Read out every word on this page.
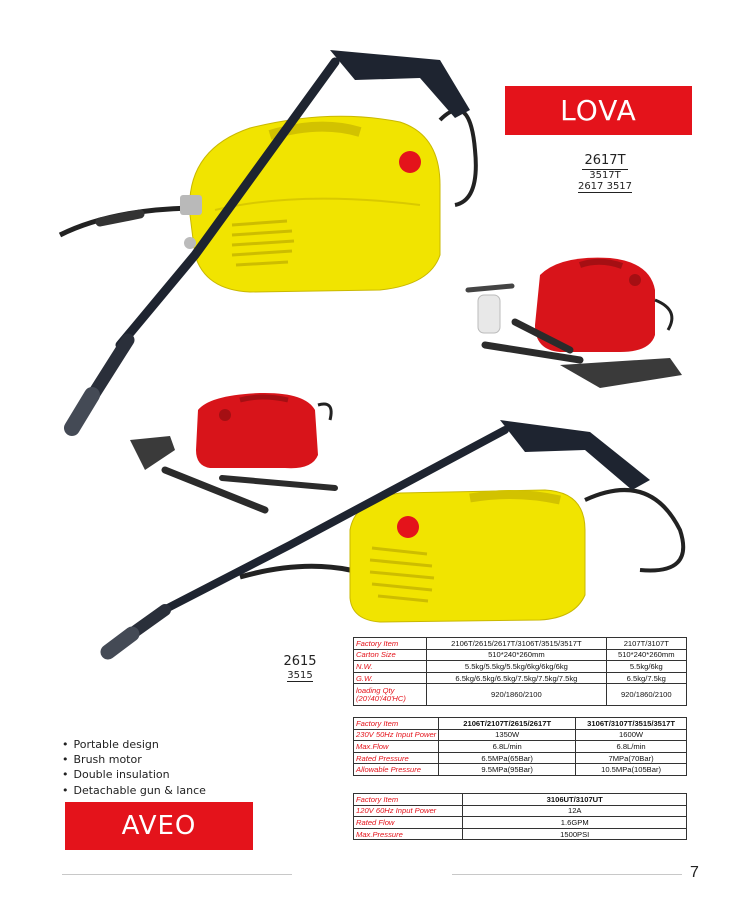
LOVA
2617T
3517T
2617 3517
2615
3515
Factory Item	2106T/2615/2617T/3106T/3515/3517T	2107T/3107T
Carton Size	510*240*260mm	510*240*260mm
N.W.	5.5kg/5.5kg/5.5kg/6kg/6kg/6kg	5.5kg/6kg
G.W.	6.5kg/6.5kg/6.5kg/7.5kg/7.5kg/7.5kg	6.5kg/7.5kg
loading Qty (20'/40'/40'HC)	920/1860/2100	920/1860/2100
Factory Item	2106T/2107T/2615/2617T	3106T/3107T/3515/3517T
230V 50Hz Input Power	1350W	1600W
Max.Flow	6.8L/min	6.8L/min
Rated Pressure	6.5MPa(65Bar)	7MPa(70Bar)
Allowable Pressure	9.5MPa(95Bar)	10.5MPa(105Bar)
Factory Item	3106UT/3107UT
120V 60Hz Input Power	12A
Rated Flow	1.6GPM
Max.Pressure	1500PSI
• Portable design
• Brush motor
• Double insulation
• Detachable gun & lance
AVEO
7
